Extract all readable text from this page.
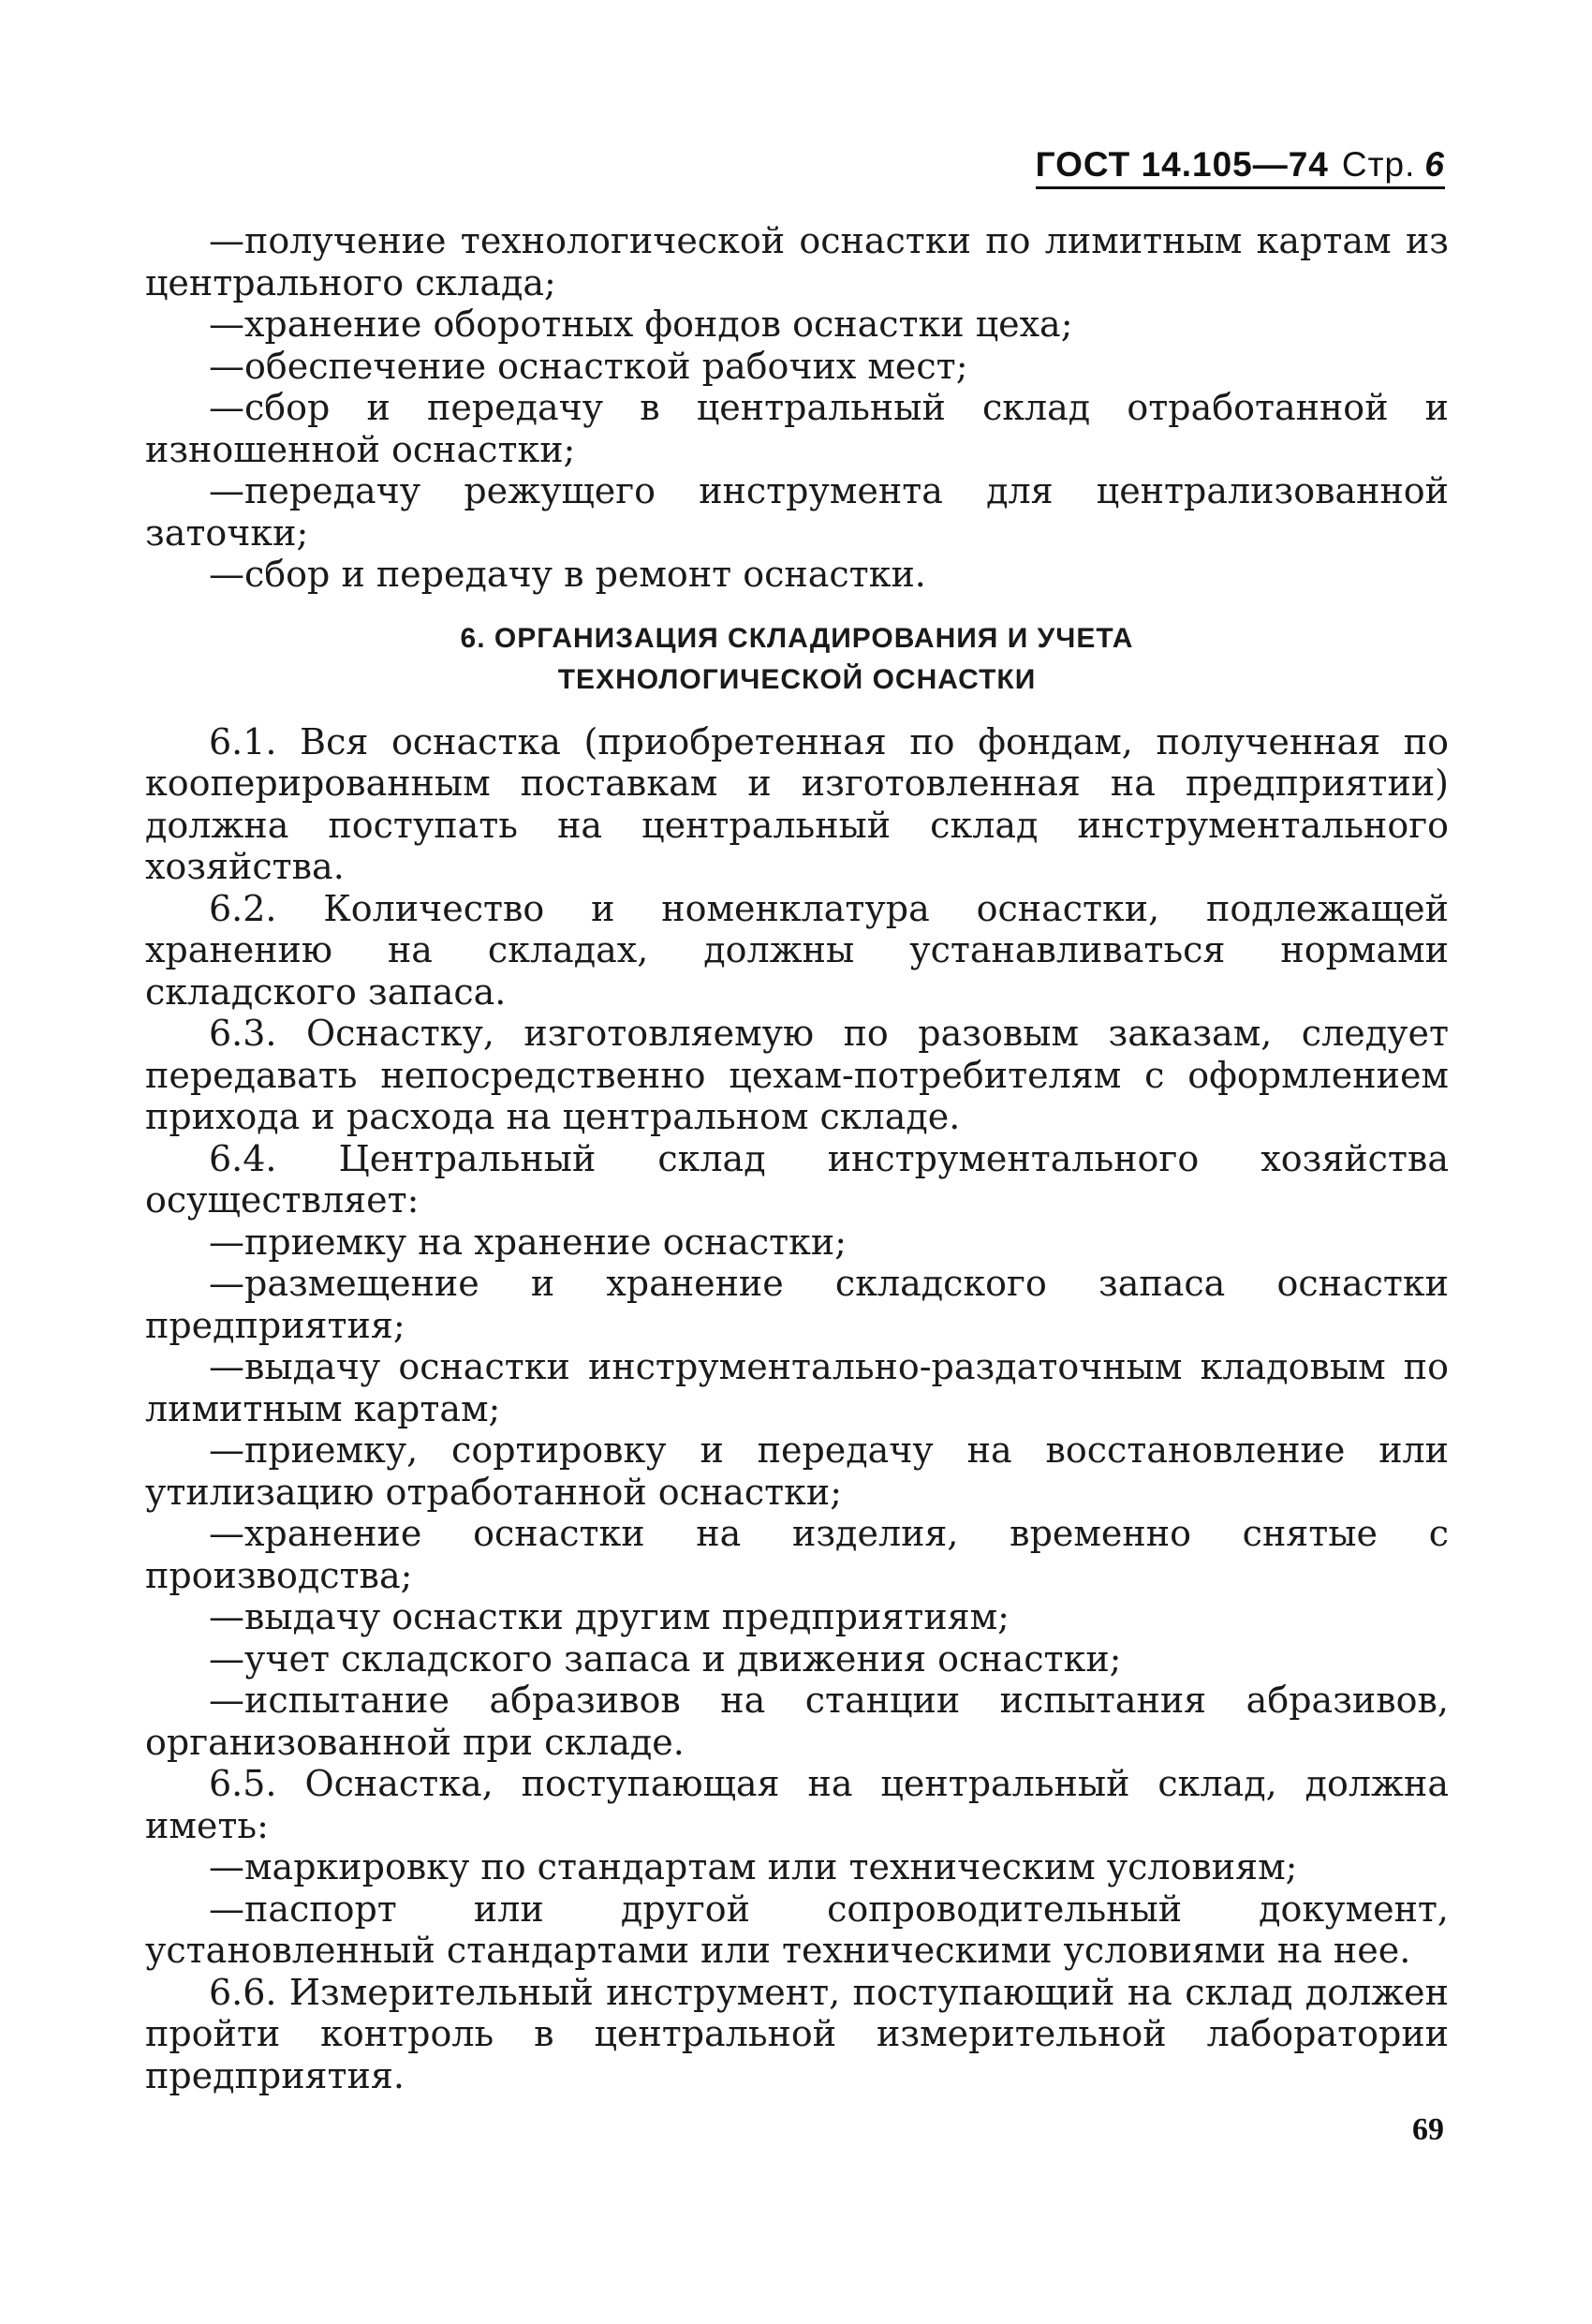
ГОСТ 14.105—74 Стр. 6

—получение технологической оснастки по лимитным картам из центрального склада;

—хранение оборотных фондов оснастки цеха;

—обеспечение оснасткой рабочих мест;

—сбор и передачу в центральный склад отработанной и изношенной оснастки;

—передачу режущего инструмента для централизованной заточки;

—сбор и передачу в ремонт оснастки.

6. ОРГАНИЗАЦИЯ СКЛАДИРОВАНИЯ И УЧЕТА
ТЕХНОЛОГИЧЕСКОЙ ОСНАСТКИ

6.1. Вся оснастка (приобретенная по фондам, полученная по кооперированным поставкам и изготовленная на предприятии) должна поступать на центральный склад инструментального хозяйства.

6.2. Количество и номенклатура оснастки, подлежащей хранению на складах, должны устанавливаться нормами складского запаса.

6.3. Оснастку, изготовляемую по разовым заказам, следует передавать непосредственно цехам-потребителям с оформлением прихода и расхода на центральном складе.

6.4. Центральный склад инструментального хозяйства осуществляет:

—приемку на хранение оснастки;

—размещение и хранение складского запаса оснастки предприятия;

—выдачу оснастки инструментально-раздаточным кладовым по лимитным картам;

—приемку, сортировку и передачу на восстановление или утилизацию отработанной оснастки;

—хранение оснастки на изделия, временно снятые с производства;

—выдачу оснастки другим предприятиям;

—учет складского запаса и движения оснастки;

—испытание абразивов на станции испытания абразивов, организованной при складе.

6.5. Оснастка, поступающая на центральный склад, должна иметь:

—маркировку по стандартам или техническим условиям;

—паспорт или другой сопроводительный документ, установленный стандартами или техническими условиями на нее.

6.6. Измерительный инструмент, поступающий на склад должен пройти контроль в центральной измерительной лаборатории предприятия.

69
